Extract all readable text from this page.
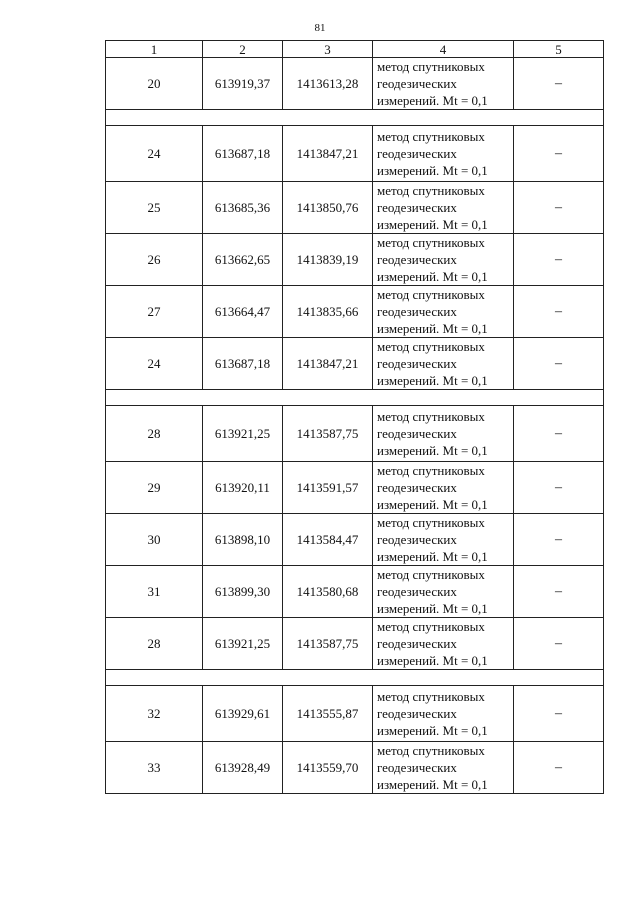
81
1	2	3	4	5
20	613919,37	1413613,28	метод спутниковых
геодезических
измерений. Mt = 0,1	–

24	613687,18	1413847,21	метод спутниковых
геодезических
измерений. Mt = 0,1	–
25	613685,36	1413850,76	метод спутниковых
геодезических
измерений. Mt = 0,1	–
26	613662,65	1413839,19	метод спутниковых
геодезических
измерений. Mt = 0,1	–
27	613664,47	1413835,66	метод спутниковых
геодезических
измерений. Mt = 0,1	–
24	613687,18	1413847,21	метод спутниковых
геодезических
измерений. Mt = 0,1	–

28	613921,25	1413587,75	метод спутниковых
геодезических
измерений. Mt = 0,1	–
29	613920,11	1413591,57	метод спутниковых
геодезических
измерений. Mt = 0,1	–
30	613898,10	1413584,47	метод спутниковых
геодезических
измерений. Mt = 0,1	–
31	613899,30	1413580,68	метод спутниковых
геодезических
измерений. Mt = 0,1	–
28	613921,25	1413587,75	метод спутниковых
геодезических
измерений. Mt = 0,1	–

32	613929,61	1413555,87	метод спутниковых
геодезических
измерений. Mt = 0,1	–
33	613928,49	1413559,70	метод спутниковых
геодезических
измерений. Mt = 0,1	–
